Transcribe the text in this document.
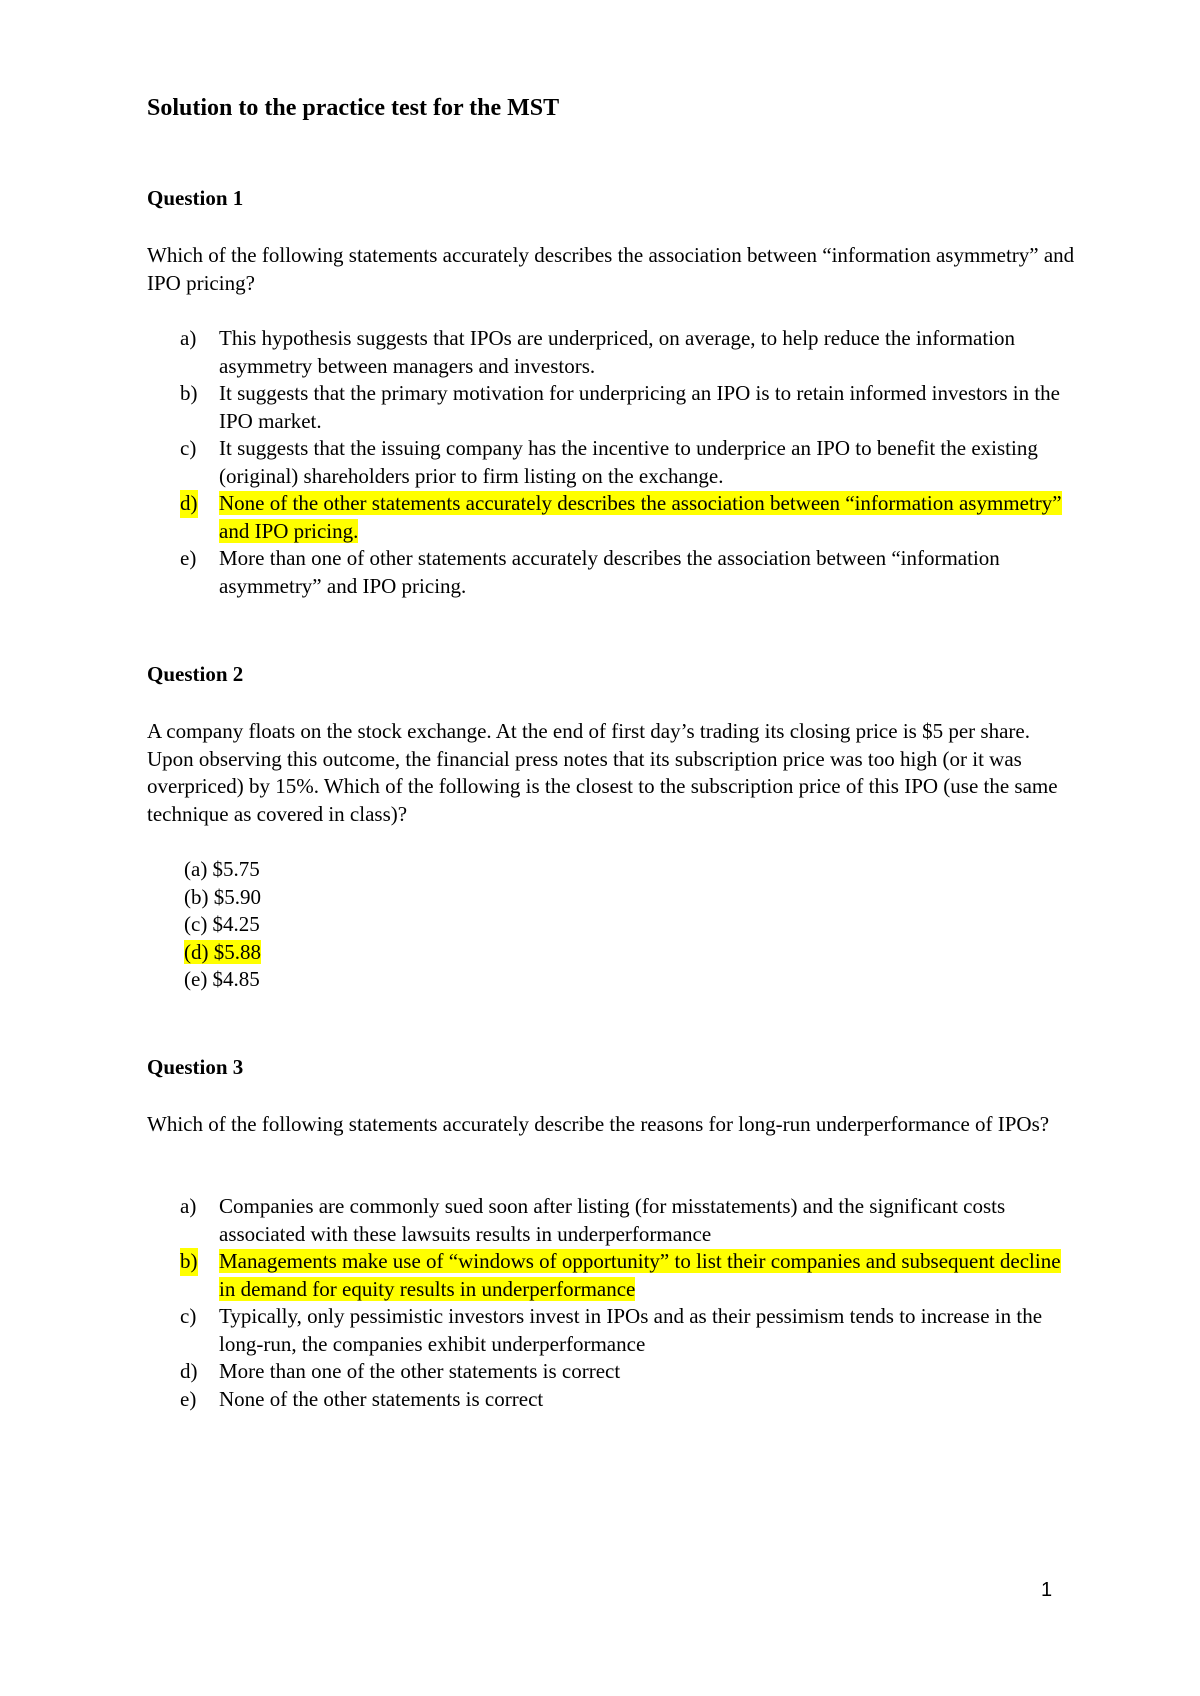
Solution to the practice test for the MST
Question 1

Which of the following statements accurately describes the association between “information asymmetry” and IPO pricing?

a) This hypothesis suggests that IPOs are underpriced, on average, to help reduce the information asymmetry between managers and investors.
b) It suggests that the primary motivation for underpricing an IPO is to retain informed investors in the IPO market.
c) It suggests that the issuing company has the incentive to underprice an IPO to benefit the existing (original) shareholders prior to firm listing on the exchange.
d) None of the other statements accurately describes the association between “information asymmetry” and IPO pricing.
e) More than one of other statements accurately describes the association between “information asymmetry” and IPO pricing.
Question 2

A company floats on the stock exchange. At the end of first day’s trading its closing price is $5 per share. Upon observing this outcome, the financial press notes that its subscription price was too high (or it was overpriced) by 15%. Which of the following is the closest to the subscription price of this IPO (use the same technique as covered in class)?

(a) $5.75
(b) $5.90
(c) $4.25
(d) $5.88
(e) $4.85
Question 3

Which of the following statements accurately describe the reasons for long-run underperformance of IPOs?

a) Companies are commonly sued soon after listing (for misstatements) and the significant costs associated with these lawsuits results in underperformance
b) Managements make use of “windows of opportunity” to list their companies and subsequent decline in demand for equity results in underperformance
c) Typically, only pessimistic investors invest in IPOs and as their pessimism tends to increase in the long-run, the companies exhibit underperformance
d) More than one of the other statements is correct
e) None of the other statements is correct

1
